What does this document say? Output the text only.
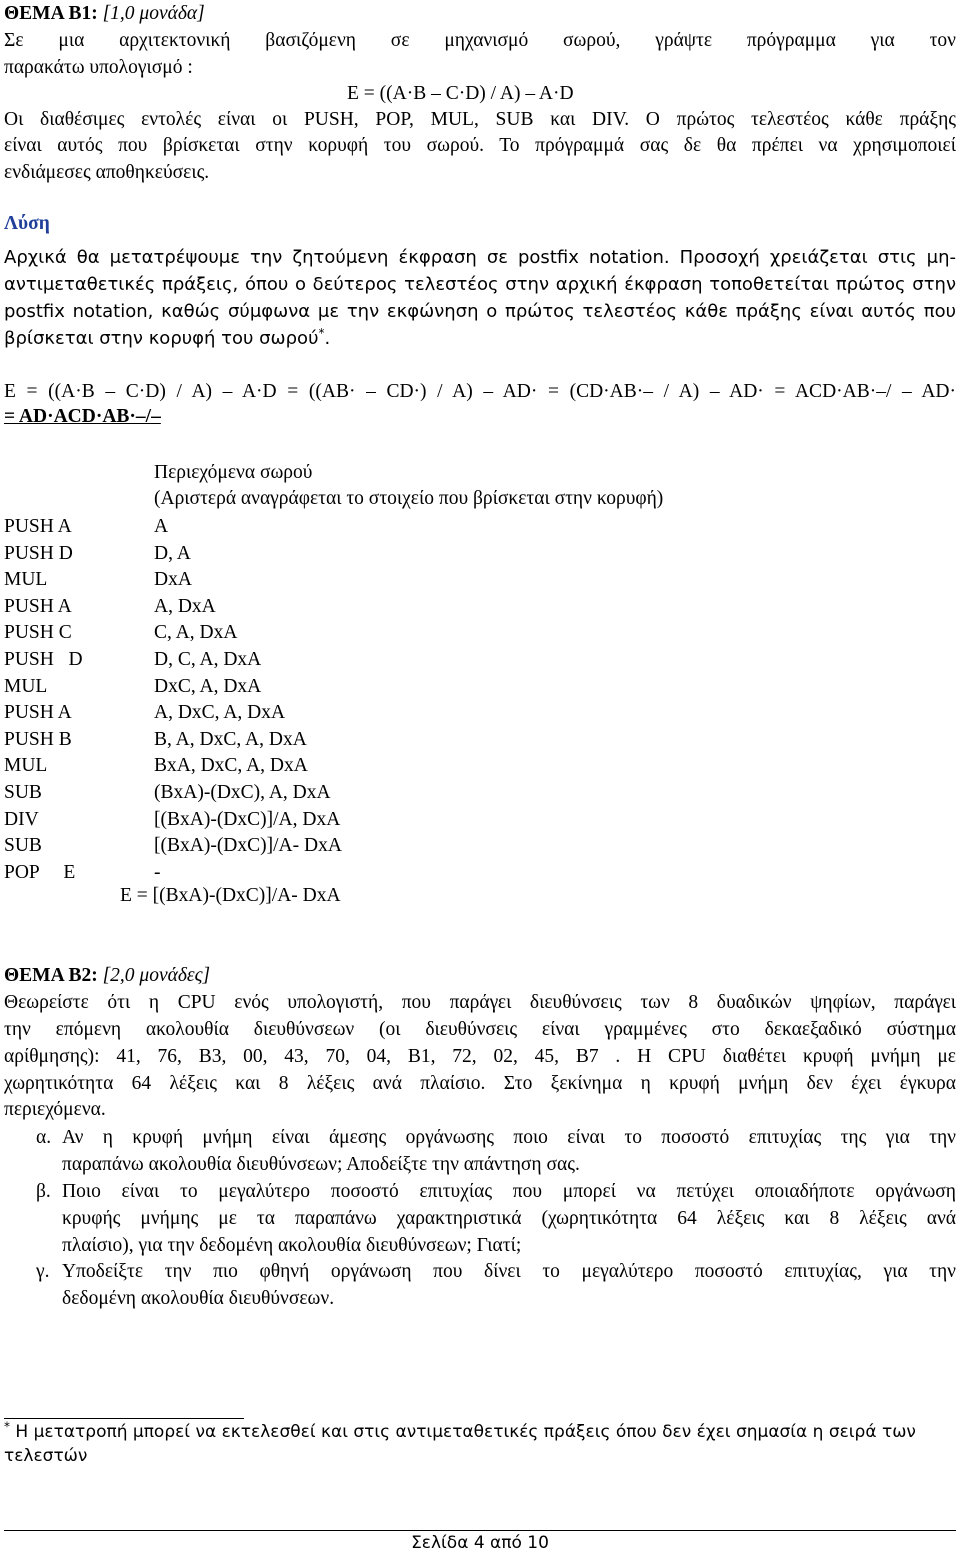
ΘΕΜΑ Β1: [1,0 μονάδα]
Σε μια αρχιτεκτονική βασιζόμενη σε μηχανισμό σωρού, γράψτε πρόγραμμα για τον
παρακάτω υπολογισμό :
E = ((A·B – C·D) / A) – A·D
Οι διαθέσιμες εντολές είναι οι PUSH, POP, MUL, SUB και DIV. Ο πρώτος τελεστέος κάθε πράξης
είναι αυτός που βρίσκεται στην κορυφή του σωρού. Το πρόγραμμά σας δε θα πρέπει να χρησιμοποιεί
ενδιάμεσες αποθηκεύσεις.
Λύση
Αρχικά θα μετατρέψουμε την ζητούμενη έκφραση σε postfix notation. Προσοχή χρειάζεται στις μη-
αντιμεταθετικές πράξεις, όπου ο δεύτερος τελεστέος στην αρχική έκφραση τοποθετείται πρώτος στην
postfix notation, καθώς σύμφωνα με την εκφώνηση ο πρώτος τελεστέος κάθε πράξης είναι αυτός που
βρίσκεται στην κορυφή του σωρού*.
E = ((A·B – C·D) / A) – A·D = ((AB· – CD·) / A) – AD· = (CD·AB·– / A) – AD· = ACD·AB·–/ – AD·
= AD·ACD·AB·–/–
Περιεχόμενα σωρού
(Αριστερά αναγράφεται το στοιχείο που βρίσκεται στην κορυφή)
PUSH A	A
PUSH D	D, A
MUL	DxA
PUSH A	A, DxA
PUSH C	C, A, DxA
PUSH   D	D, C, A, DxA
MUL	DxC, A, DxA
PUSH A	A, DxC, A, DxA
PUSH B	B, A, DxC, A, DxA
MUL	BxA, DxC, A, DxA
SUB	(BxA)-(DxC), A, DxA
DIV	[(BxA)-(DxC)]/A, DxA
SUB	[(BxA)-(DxC)]/A- DxA
POP     E	-
E = [(BxA)-(DxC)]/A- DxA
ΘΕΜΑ Β2: [2,0 μονάδες]
Θεωρείστε ότι η CPU ενός υπολογιστή, που παράγει διευθύνσεις των 8 δυαδικών ψηφίων, παράγει
την επόμενη ακολουθία διευθύνσεων (οι διευθύνσεις είναι γραμμένες στο δεκαεξαδικό σύστημα
αρίθμησης): 41, 76, B3, 00, 43, 70, 04, B1, 72, 02, 45, B7 . Η CPU διαθέτει κρυφή μνήμη με
χωρητικότητα 64 λέξεις και 8 λέξεις ανά πλαίσιο. Στο ξεκίνημα η κρυφή μνήμη δεν έχει έγκυρα
περιεχόμενα.
α. Αν η κρυφή μνήμη είναι άμεσης οργάνωσης ποιο είναι το ποσοστό επιτυχίας της για την
παραπάνω ακολουθία διευθύνσεων; Αποδείξτε την απάντηση σας.
β. Ποιο είναι το μεγαλύτερο ποσοστό επιτυχίας που μπορεί να πετύχει οποιαδήποτε οργάνωση
κρυφής μνήμης με τα παραπάνω χαρακτηριστικά (χωρητικότητα 64 λέξεις και 8 λέξεις ανά
πλαίσιο), για την δεδομένη ακολουθία διευθύνσεων; Γιατί;
γ. Υποδείξτε την πιο φθηνή οργάνωση που δίνει το μεγαλύτερο ποσοστό επιτυχίας, για την
δεδομένη ακολουθία διευθύνσεων.
* Η μετατροπή μπορεί να εκτελεσθεί και στις αντιμεταθετικές πράξεις όπου δεν έχει σημασία η σειρά των
τελεστών
Σελίδα 4 από 10
